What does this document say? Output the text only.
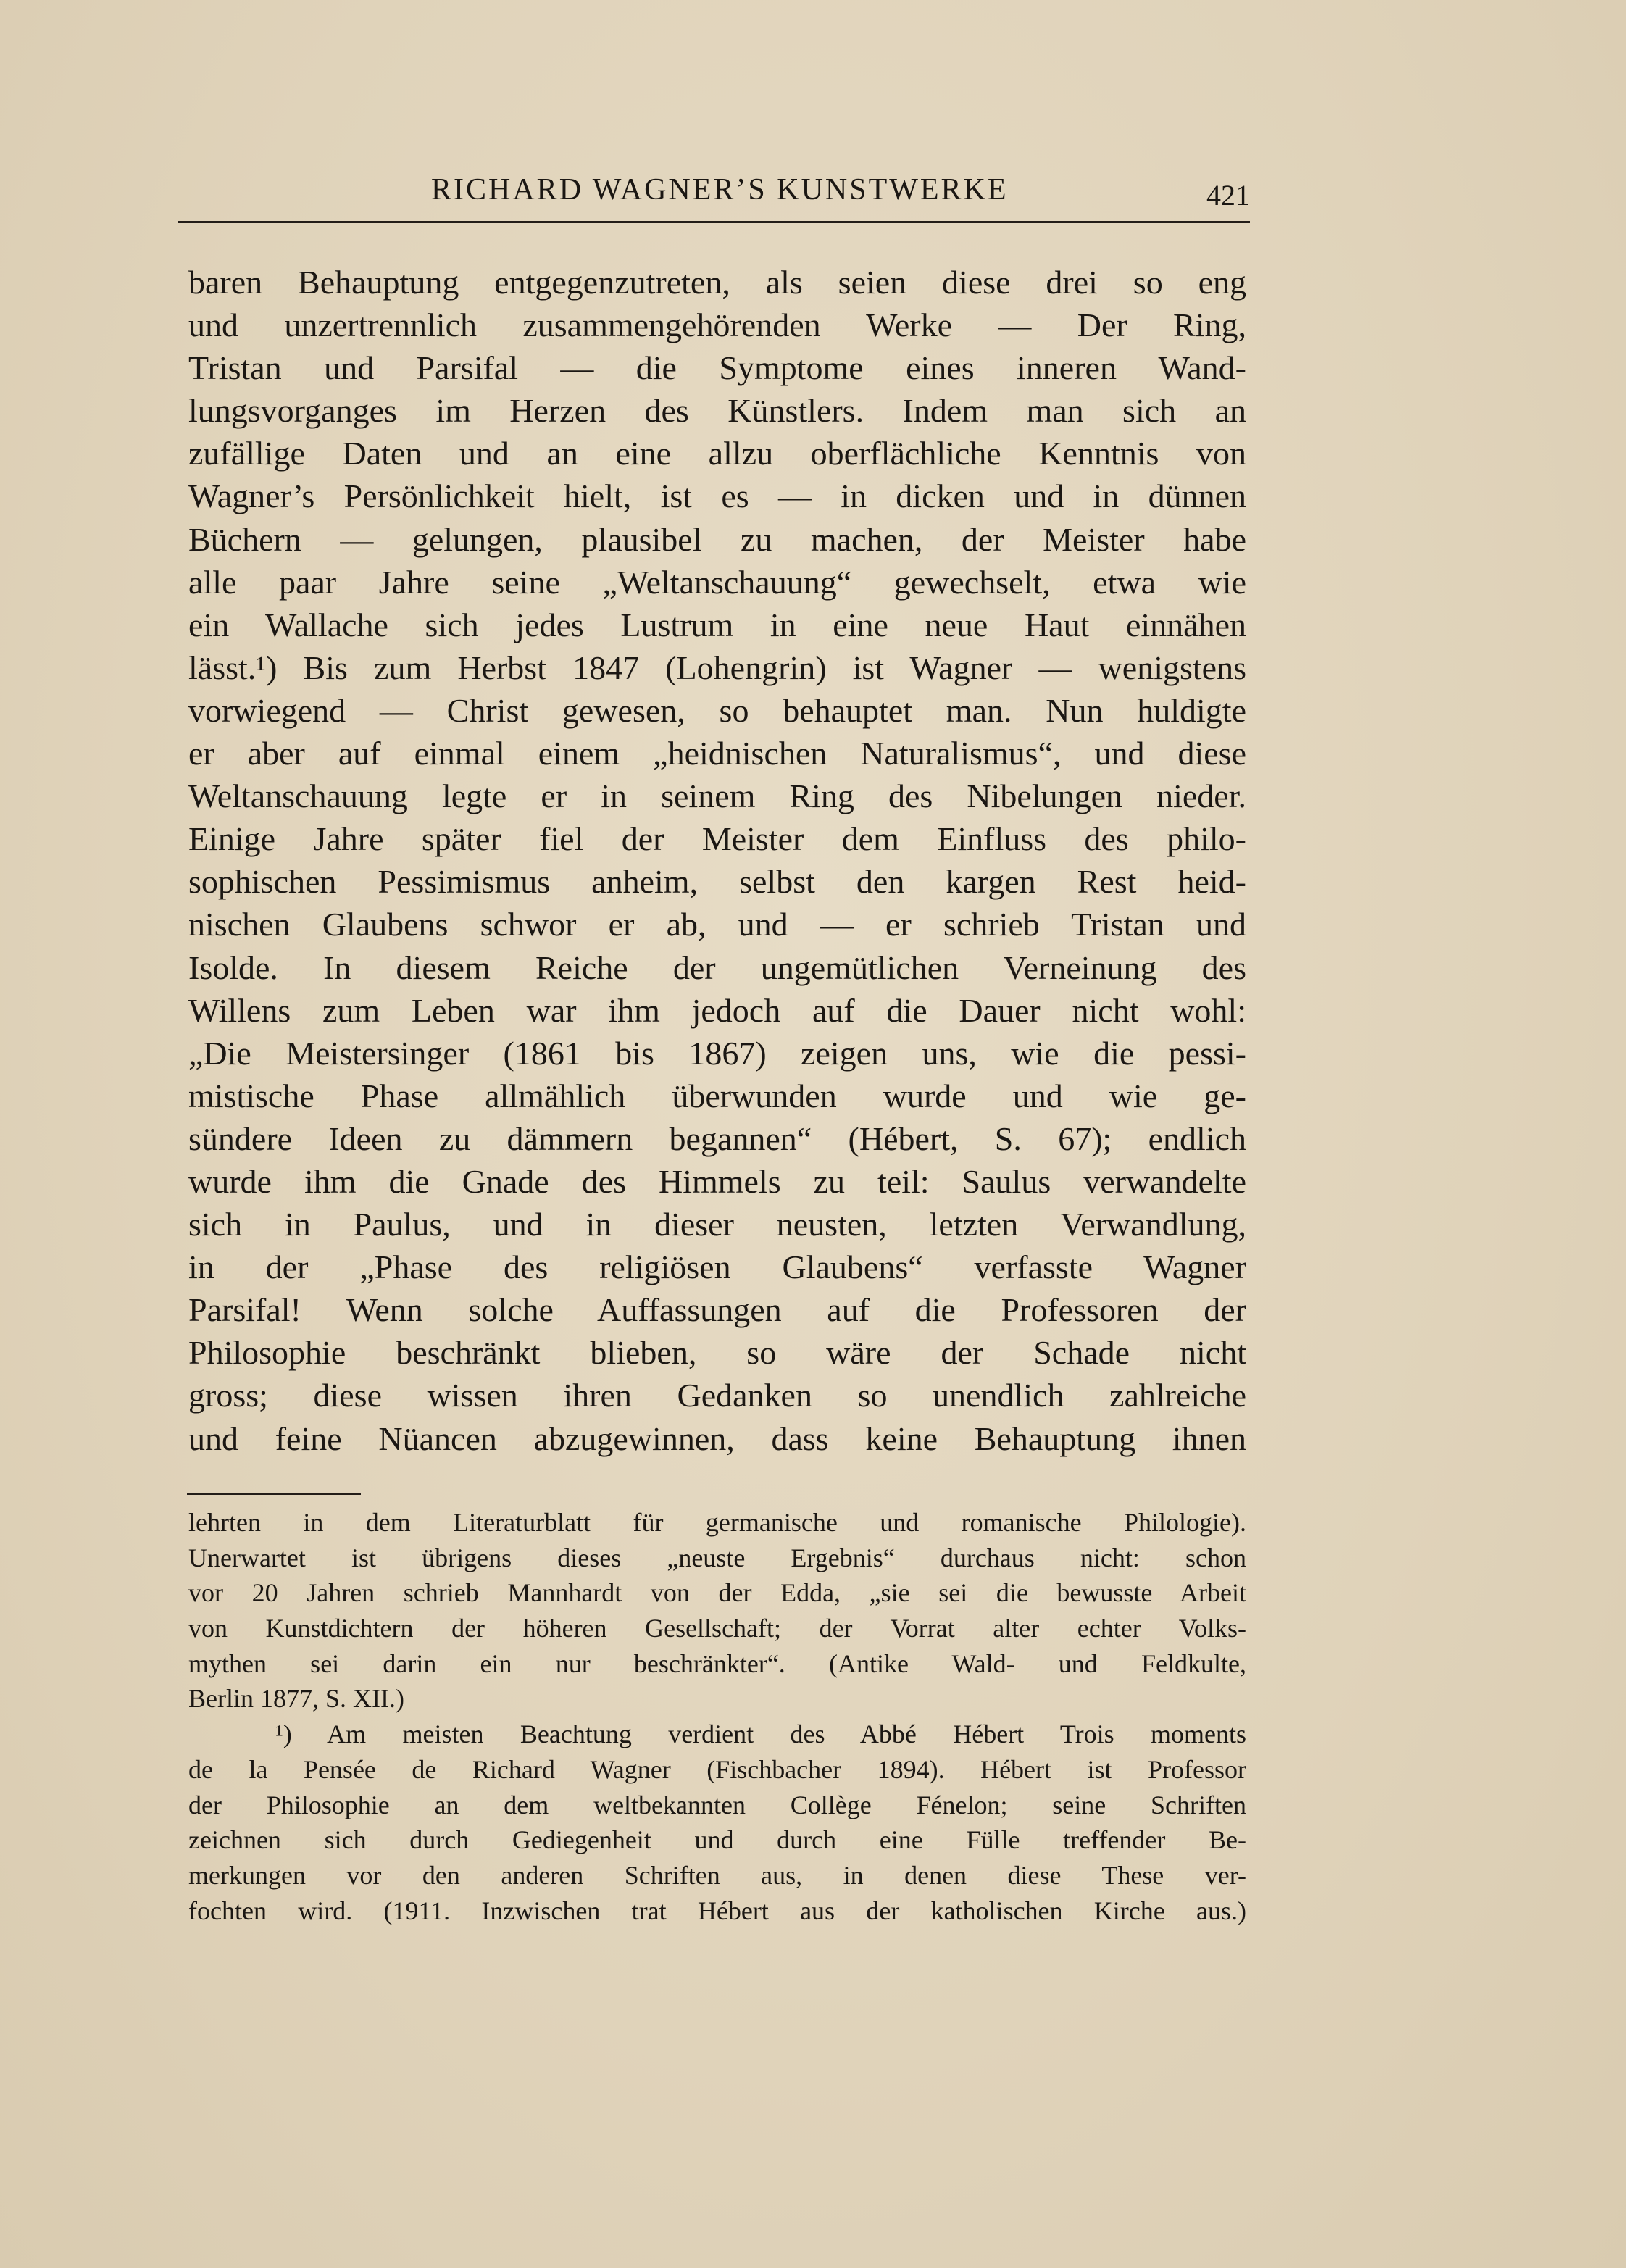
RICHARD WAGNER’S KUNSTWERKE	421
baren Behauptung entgegenzutreten, als seien diese drei so eng
und unzertrennlich zusammengehörenden Werke — Der Ring,
Tristan und Parsifal — die Symptome eines inneren Wand-
lungsvorganges im Herzen des Künstlers. Indem man sich an
zufällige Daten und an eine allzu oberflächliche Kenntnis von
Wagner’s Persönlichkeit hielt, ist es — in dicken und in dünnen
Büchern — gelungen, plausibel zu machen, der Meister habe
alle paar Jahre seine „Weltanschauung“ gewechselt, etwa wie
ein Wallache sich jedes Lustrum in eine neue Haut einnähen
lässt.¹) Bis zum Herbst 1847 (Lohengrin) ist Wagner — wenigstens
vorwiegend — Christ gewesen, so behauptet man. Nun huldigte
er aber auf einmal einem „heidnischen Naturalismus“, und diese
Weltanschauung legte er in seinem Ring des Nibelungen nieder.
Einige Jahre später fiel der Meister dem Einfluss des philo-
sophischen Pessimismus anheim, selbst den kargen Rest heid-
nischen Glaubens schwor er ab, und — er schrieb Tristan und
Isolde. In diesem Reiche der ungemütlichen Verneinung des
Willens zum Leben war ihm jedoch auf die Dauer nicht wohl:
„Die Meistersinger (1861 bis 1867) zeigen uns, wie die pessi-
mistische Phase allmählich überwunden wurde und wie ge-
sündere Ideen zu dämmern begannen“ (Hébert, S. 67); endlich
wurde ihm die Gnade des Himmels zu teil: Saulus verwandelte
sich in Paulus, und in dieser neusten, letzten Verwandlung,
in der „Phase des religiösen Glaubens“ verfasste Wagner
Parsifal! Wenn solche Auffassungen auf die Professoren der
Philosophie beschränkt blieben, so wäre der Schade nicht
gross; diese wissen ihren Gedanken so unendlich zahlreiche
und feine Nüancen abzugewinnen, dass keine Behauptung ihnen
lehrten in dem Literaturblatt für germanische und romanische Philologie).
Unerwartet ist übrigens dieses „neuste Ergebnis“ durchaus nicht: schon
vor 20 Jahren schrieb Mannhardt von der Edda, „sie sei die bewusste Arbeit
von Kunstdichtern der höheren Gesellschaft; der Vorrat alter echter Volks-
mythen sei darin ein nur beschränkter“. (Antike Wald- und Feldkulte,
Berlin 1877, S. XII.)
¹) Am meisten Beachtung verdient des Abbé Hébert Trois moments
de la Pensée de Richard Wagner (Fischbacher 1894). Hébert ist Professor
der Philosophie an dem weltbekannten Collège Fénelon; seine Schriften
zeichnen sich durch Gediegenheit und durch eine Fülle treffender Be-
merkungen vor den anderen Schriften aus, in denen diese These ver-
fochten wird. (1911. Inzwischen trat Hébert aus der katholischen Kirche aus.)
